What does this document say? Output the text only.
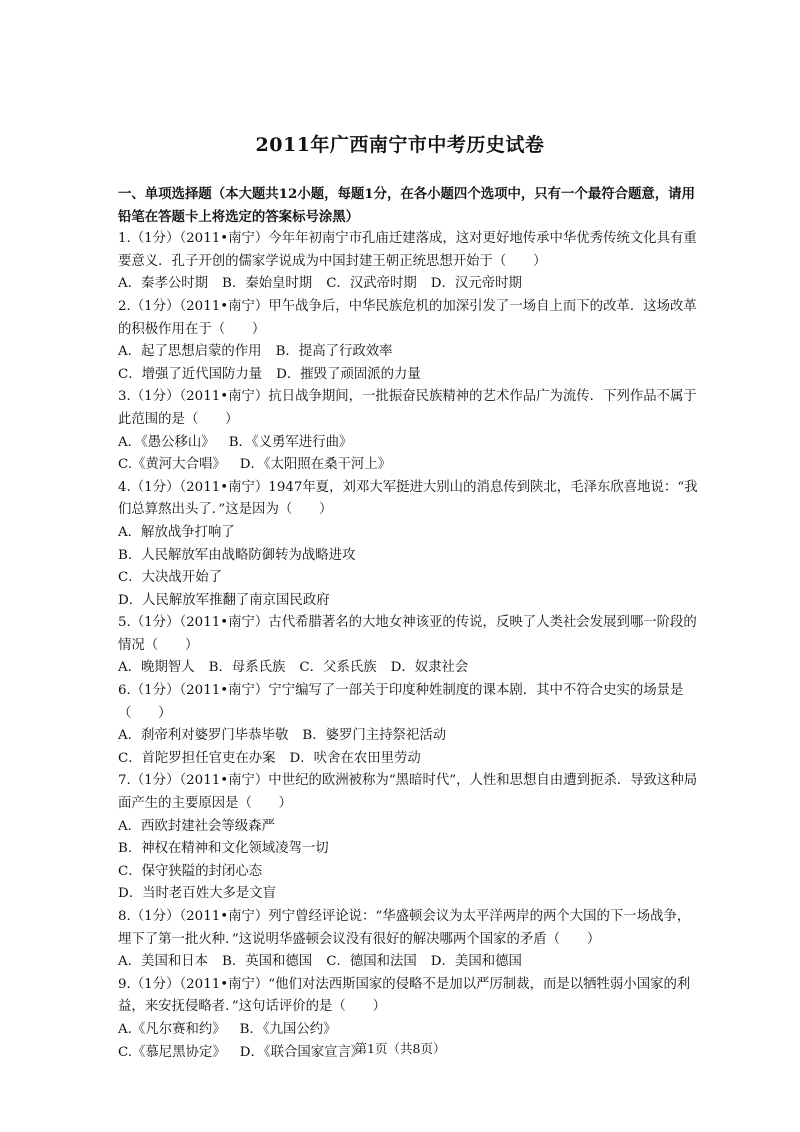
2011年广西南宁市中考历史试卷

一、单项选择题（本大题共12小题，每题1分，在各小题四个选项中，只有一个最符合题意，请用铅笔在答题卡上将选定的答案标号涂黑）

1.（1分）（2011•南宁）今年年初南宁市孔庙迁建落成，这对更好地传承中华优秀传统文化具有重要意义．孔子开创的儒家学说成为中国封建王朝正统思想开始于（　　）

A．秦孝公时期 B．秦始皇时期 C．汉武帝时期 D．汉元帝时期

2.（1分）（2011•南宁）甲午战争后，中华民族危机的加深引发了一场自上而下的改革．这场改革的积极作用在于（　　）

A．起了思想启蒙的作用 B．提高了行政效率

C．增强了近代国防力量 D．摧毁了顽固派的力量

3.（1分）（2011•南宁）抗日战争期间，一批振奋民族精神的艺术作品广为流传．下列作品不属于此范围的是（　　）

A．《愚公移山》 B．《义勇军进行曲》

C.《黄河大合唱》 D．《太阳照在桑干河上》

4.（1分）（2011•南宁）1947年夏，刘邓大军挺进大别山的消息传到陕北，毛泽东欣喜地说：“我们总算熬出头了．”这是因为（　　）

A．解放战争打响了

B．人民解放军由战略防御转为战略进攻

C．大决战开始了

D．人民解放军推翻了南京国民政府

5.（1分）（2011•南宁）古代希腊著名的大地女神该亚的传说，反映了人类社会发展到哪一阶段的情况（　　）

A．晚期智人 B．母系氏族 C．父系氏族 D．奴隶社会

6.（1分）（2011•南宁）宁宁编写了一部关于印度种姓制度的课本剧．其中不符合史实的场景是（　　）

A．刹帝利对婆罗门毕恭毕敬 B．婆罗门主持祭祀活动

C．首陀罗担任官吏在办案 D．吠舍在农田里劳动

7.（1分）（2011•南宁）中世纪的欧洲被称为“黑暗时代”，人性和思想自由遭到扼杀．导致这种局面产生的主要原因是（　　）

A．西欧封建社会等级森严

B．神权在精神和文化领域凌驾一切

C．保守狭隘的封闭心态

D．当时老百姓大多是文盲

8.（1分）（2011•南宁）列宁曾经评论说：“华盛顿会议为太平洋两岸的两个大国的下一场战争，埋下了第一批火种．”这说明华盛顿会议没有很好的解决哪两个国家的矛盾（　　）

A．美国和日本 B．英国和德国 C．德国和法国 D．美国和德国

9.（1分）（2011•南宁）“他们对法西斯国家的侵略不是加以严厉制裁，而是以牺牲弱小国家的利益，来安抚侵略者．”这句话评价的是（　　）

A.《凡尔赛和约》 B．《九国公约》

C.《慕尼黑协定》 D．《联合国家宣言》

第1页（共8页）
